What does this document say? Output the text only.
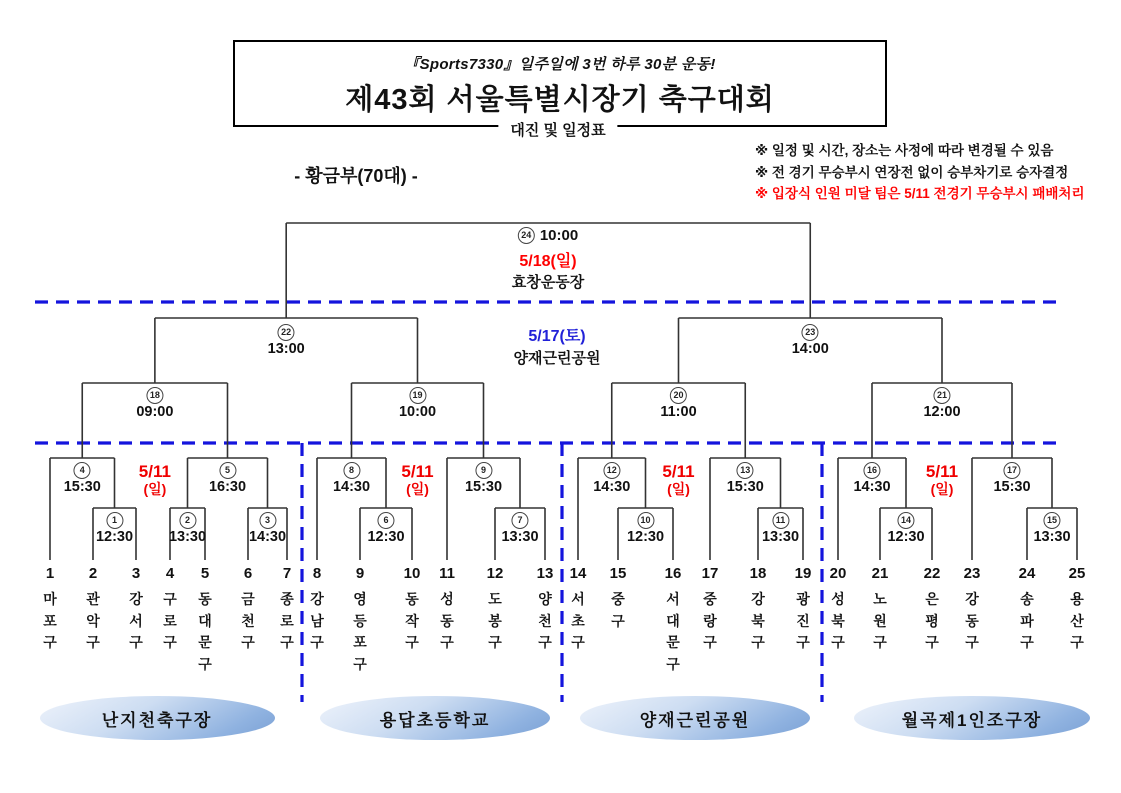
『Sports7330』일주일에 3번 하루 30분 운동!
제43회 서울특별시장기 축구대회
대진 및 일정표
- 황금부(70대) -
※ 일정 및 시간, 장소는 사정에 따라 변경될 수 있음
※ 전 경기 무승부시 연장전 없이 승부차기로 승자결정
※ 입장식 인원 미달 팀은 5/11 전경기 무승부시 패배처리
24 10:00
5/18(일)
효창운동장
5/17(토)
양재근린공원
1
12:30
2
13:30
3
14:30
4
15:30
5
16:30
18
09:00
5/11
(일)
1
마포구
2
관악구
3
강서구
4
구로구
5
동대문구
6
금천구
7
종로구
난지천축구장
6
12:30
7
13:30
8
14:30
9
15:30
19
10:00
5/11
(일)
8
강남구
9
영등포구
10
동작구
11
성동구
12
도봉구
13
양천구
용답초등학교
10
12:30
11
13:30
12
14:30
13
15:30
20
11:00
5/11
(일)
14
서초구
15
중구
16
서대문구
17
중랑구
18
강북구
19
광진구
양재근린공원
14
12:30
15
13:30
16
14:30
17
15:30
21
12:00
5/11
(일)
20
성북구
21
노원구
22
은평구
23
강동구
24
송파구
25
용산구
월곡제1인조구장
22
13:00
23
14:00
